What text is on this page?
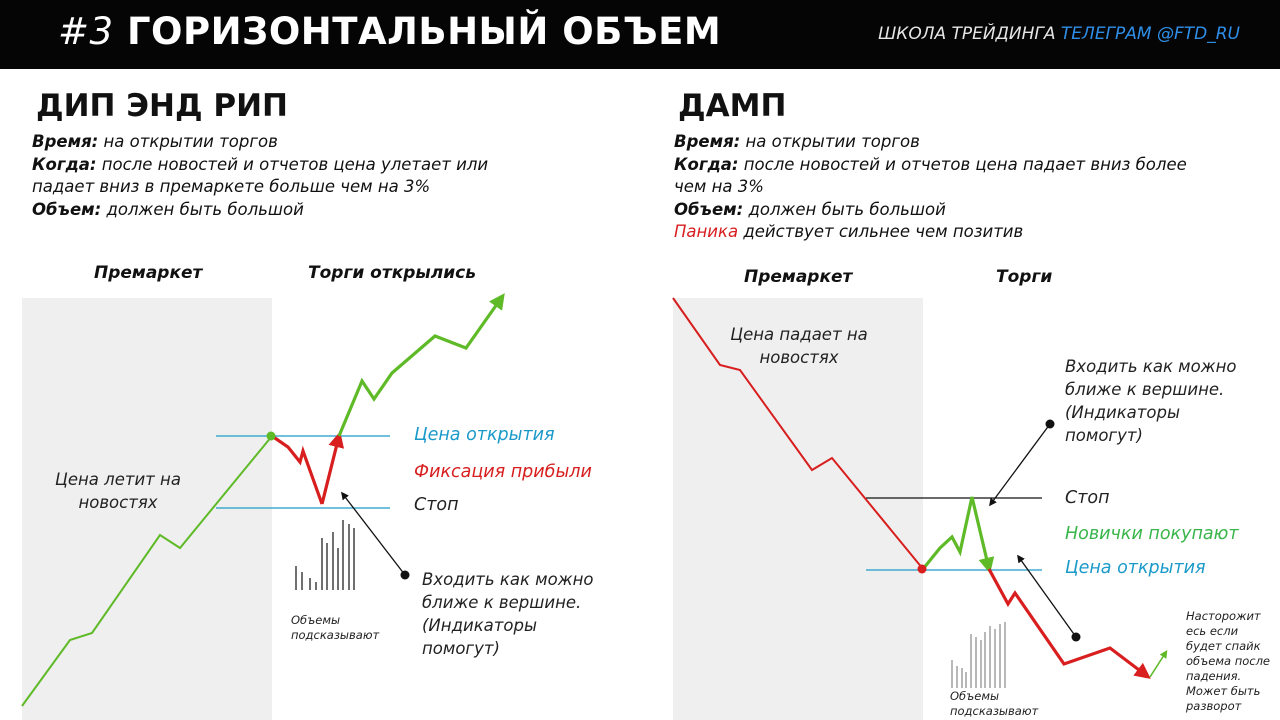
#3 ГОРИЗОНТАЛЬНЫЙ ОБЪЕМ	ШКОЛА ТРЕЙДИНГА ТЕЛЕГРАМ @FTD_RU
ДИП ЭНД РИП
Время: на открытии торгов
Когда: после новостей и отчетов цена улетает или
падает вниз в премаркете больше чем на 3%
Объем: должен быть большой
Премаркет	Торги открылись
Цена летит на
новостях
Цена открытия
Фиксация прибыли
Стоп
Входить как можно
ближе к вершине.
(Индикаторы
помогут)
Объемы
подсказывают
ДАМП
Время: на открытии торгов
Когда: после новостей и отчетов цена падает вниз более
чем на 3%
Объем: должен быть большой
Паника действует сильнее чем позитив
Премаркет	Торги
Цена падает на
новостях	Входить как можно
ближе к вершине.
(Индикаторы
помогут)
Стоп
Новички покупают
Цена открытия
Насторожит
есь если
будет спайк
объема после
падения.
Может быть
разворот
Объемы
подсказывают
